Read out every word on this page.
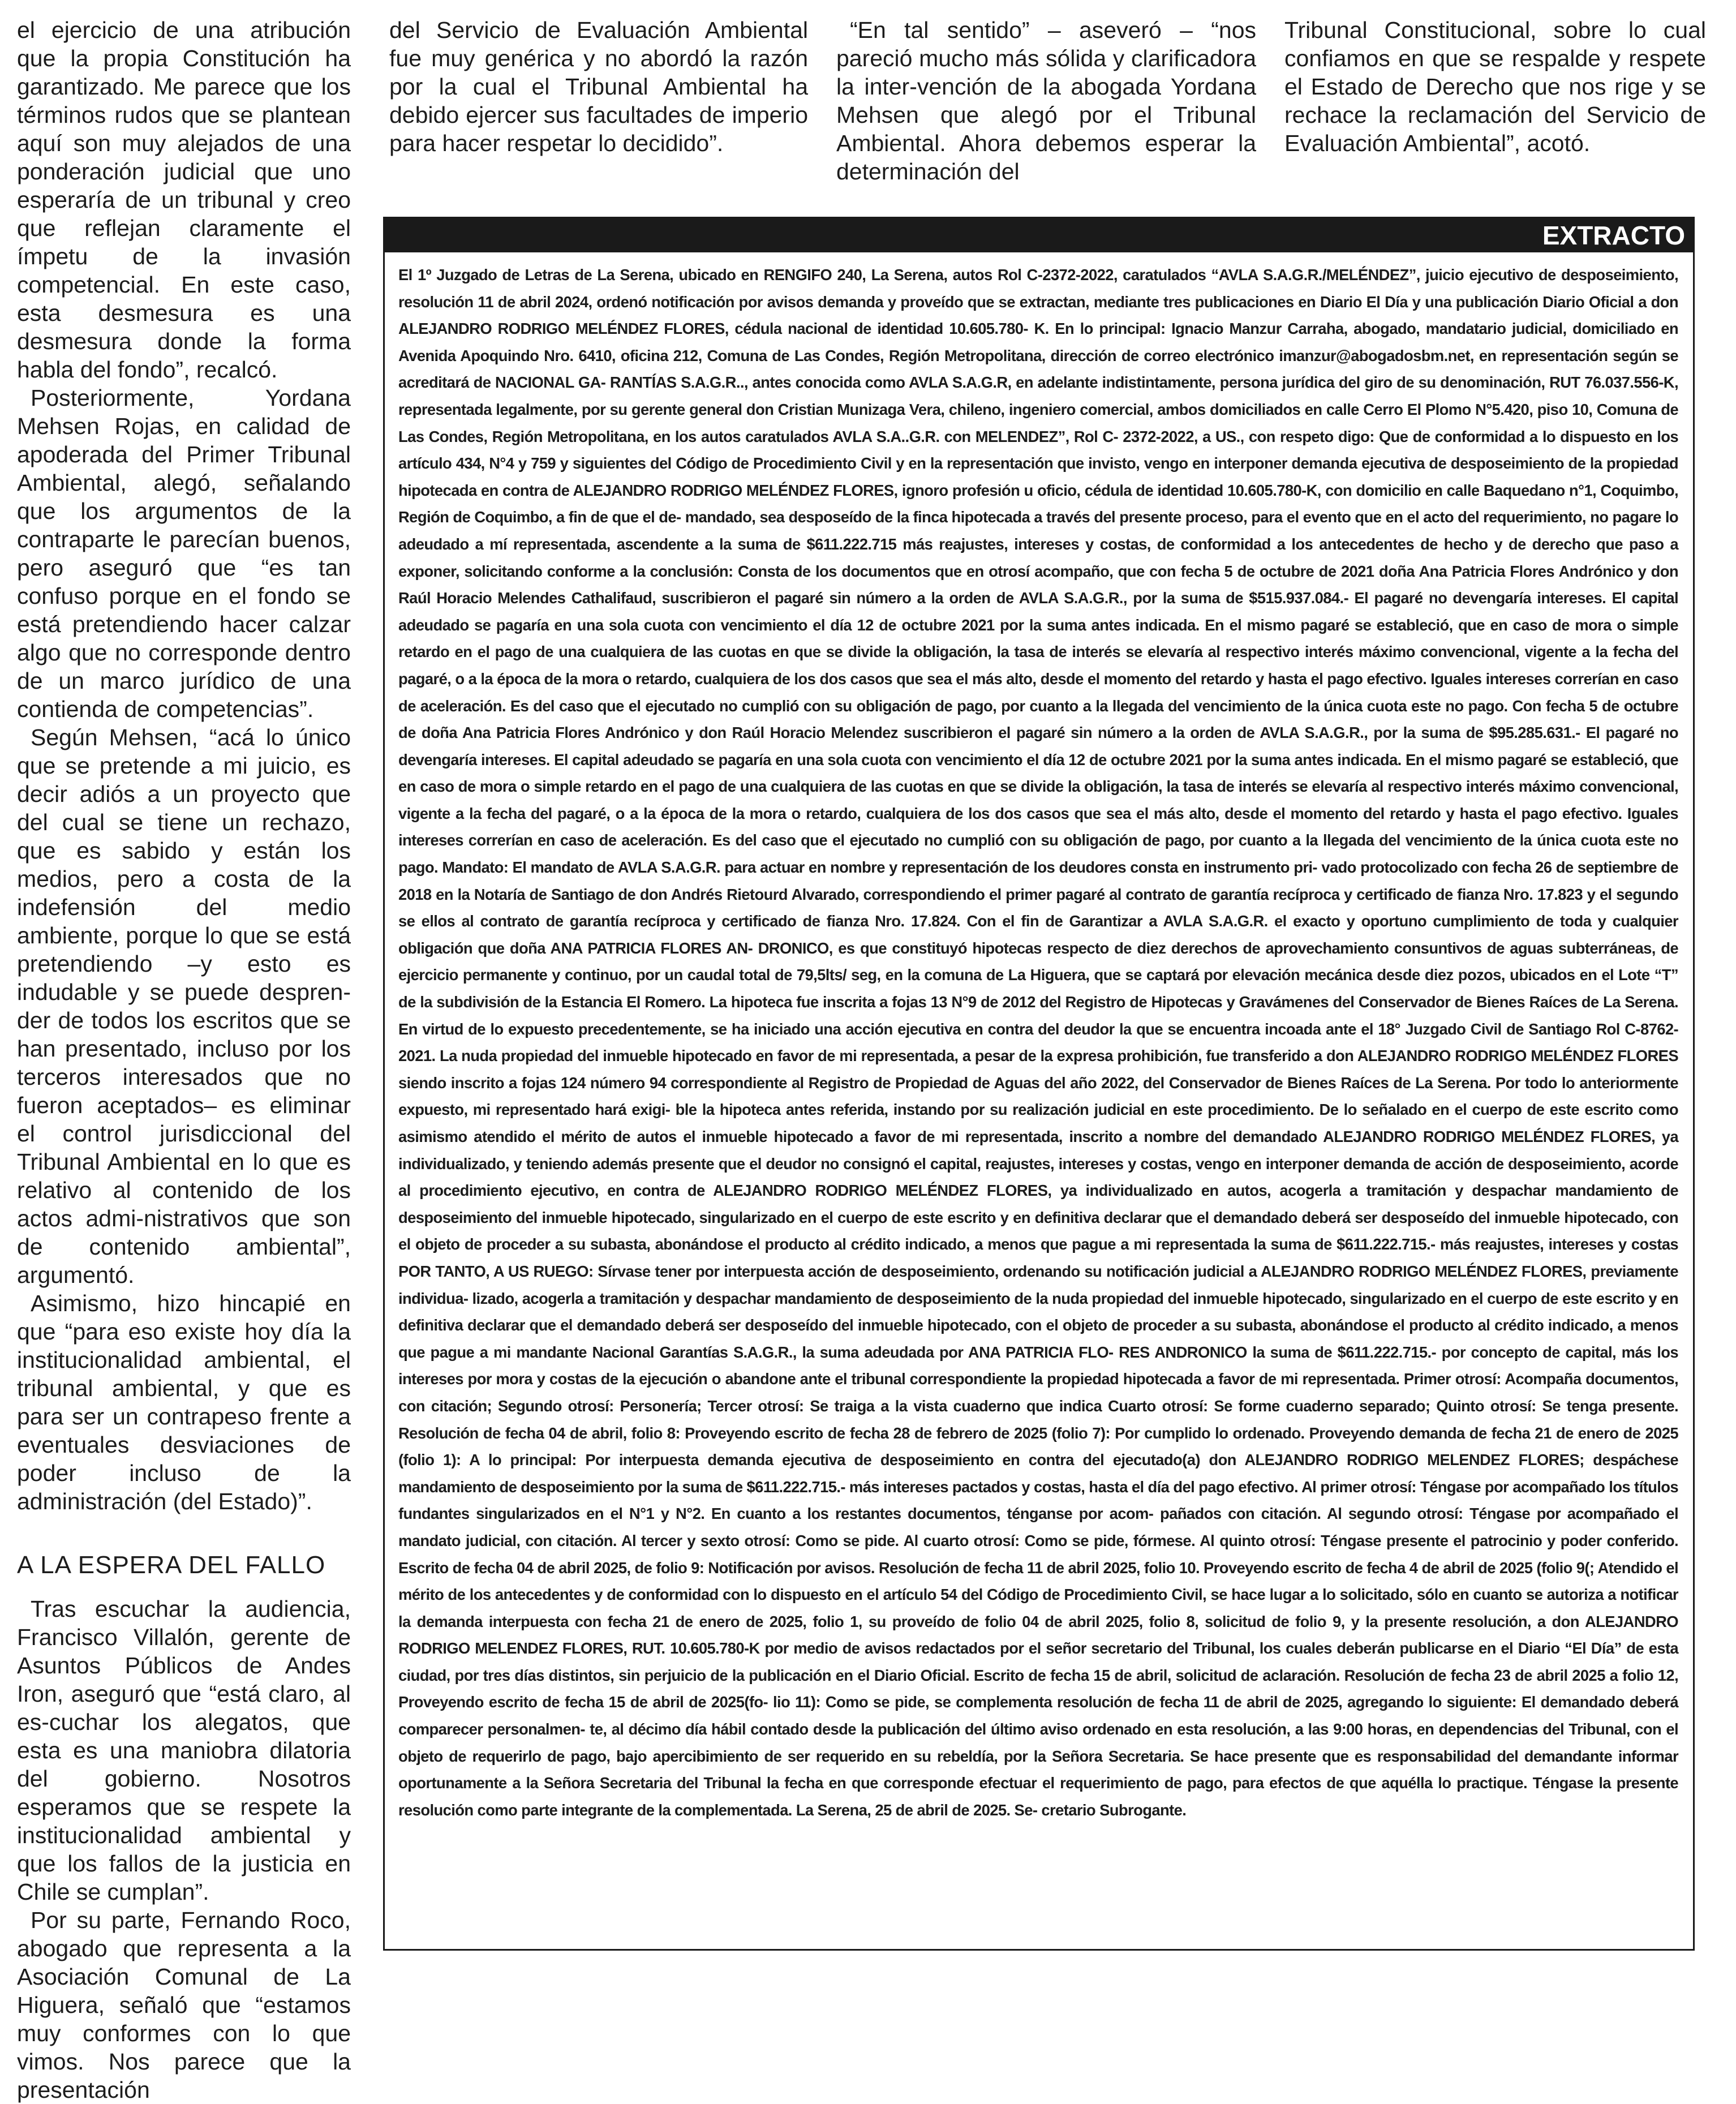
el ejercicio de una atribución que la propia Constitución ha garantizado. Me parece que los términos rudos que se plantean aquí son muy alejados de una ponderación judicial que uno esperaría de un tribunal y creo que reflejan claramente el ímpetu de la invasión competencial. En este caso, esta desmesura es una desmesura donde la forma habla del fondo”, recalcó.

Posteriormente, Yordana Mehsen Rojas, en calidad de apoderada del Primer Tribunal Ambiental, alegó, señalando que los argumentos de la contraparte le parecían buenos, pero aseguró que “es tan confuso porque en el fondo se está pretendiendo hacer calzar algo que no corresponde dentro de un marco jurídico de una contienda de competencias”.

Según Mehsen, “acá lo único que se pretende a mi juicio, es decir adiós a un proyecto que del cual se tiene un rechazo, que es sabido y están los medios, pero a costa de la indefensión del medio ambiente, porque lo que se está pretendiendo –y esto es indudable y se puede despren-der de todos los escritos que se han presentado, incluso por los terceros interesados que no fueron aceptados– es eliminar el control jurisdiccional del Tribunal Ambiental en lo que es relativo al contenido de los actos admi-nistrativos que son de contenido ambiental”, argumentó.

Asimismo, hizo hincapié en que “para eso existe hoy día la institucionalidad ambiental, el tribunal ambiental, y que es para ser un contrapeso frente a eventuales desviaciones de poder incluso de la administración (del Estado)”.

A LA ESPERA DEL FALLO

Tras escuchar la audiencia, Francisco Villalón, gerente de Asuntos Públicos de Andes Iron, aseguró que “está claro, al es-cuchar los alegatos, que esta es una maniobra dilatoria del gobierno. Nosotros esperamos que se respete la institucionalidad ambiental y que los fallos de la justicia en Chile se cumplan”.

Por su parte, Fernando Roco, abogado que representa a la Asociación Comunal de La Higuera, señaló que “estamos muy conformes con lo que vimos. Nos parece que la presentación

del Servicio de Evaluación Ambiental fue muy genérica y no abordó la razón por la cual el Tribunal Ambiental ha debido ejercer sus facultades de imperio para hacer respetar lo decidido”.

“En tal sentido” – aseveró – “nos pareció mucho más sólida y clarificadora la inter-vención de la abogada Yordana Mehsen que alegó por el Tribunal Ambiental. Ahora debemos esperar la determinación del

Tribunal Constitucional, sobre lo cual confiamos en que se respalde y respete el Estado de Derecho que nos rige y se rechace la reclamación del Servicio de Evaluación Ambiental”, acotó.

EXTRACTO
El 1º Juzgado de Letras de La Serena, ubicado en RENGIFO 240, La Serena, autos Rol C-2372-2022, caratulados “AVLA S.A.G.R./MELÉNDEZ”, juicio ejecutivo de desposeimiento, resolución 11 de abril 2024, ordenó notificación por avisos demanda y proveído que se extractan, mediante tres publicaciones en Diario El Día y una publicación Diario Oficial a don ALEJANDRO RODRIGO MELÉNDEZ FLORES, cédula nacional de identidad 10.605.780- K. En lo principal: Ignacio Manzur Carraha, abogado, mandatario judicial, domiciliado en Avenida Apoquindo Nro. 6410, oficina 212, Comuna de Las Condes, Región Metropolitana, dirección de correo electrónico imanzur@abogadosbm.net, en representación según se acreditará de NACIONAL GA- RANTÍAS S.A.G.R.., antes conocida como AVLA S.A.G.R, en adelante indistintamente, persona jurídica del giro de su denominación, RUT 76.037.556-K, representada legalmente, por su gerente general don Cristian Munizaga Vera, chileno, ingeniero comercial, ambos domiciliados en calle Cerro El Plomo N°5.420, piso 10, Comuna de Las Condes, Región Metropolitana, en los autos caratulados AVLA S.A..G.R. con MELENDEZ”, Rol C- 2372-2022, a US., con respeto digo: Que de conformidad a lo dispuesto en los artículo 434, N°4 y 759 y siguientes del Código de Procedimiento Civil y en la representación que invisto, vengo en interponer demanda ejecutiva de desposeimiento de la propiedad hipotecada en contra de ALEJANDRO RODRIGO MELÉNDEZ FLORES, ignoro profesión u oficio, cédula de identidad 10.605.780-K, con domicilio en calle Baquedano n°1, Coquimbo, Región de Coquimbo, a fin de que el de- mandado, sea desposeído de la finca hipotecada a través del presente proceso, para el evento que en el acto del requerimiento, no pagare lo adeudado a mí representada, ascendente a la suma de $611.222.715 más reajustes, intereses y costas, de conformidad a los antecedentes de hecho y de derecho que paso a exponer, solicitando conforme a la conclusión: Consta de los documentos que en otrosí acompaño, que con fecha 5 de octubre de 2021 doña Ana Patricia Flores Andrónico y don Raúl Horacio Melendes Cathalifaud, suscribieron el pagaré sin número a la orden de AVLA S.A.G.R., por la suma de $515.937.084.- El pagaré no devengaría intereses. El capital adeudado se pagaría en una sola cuota con vencimiento el día 12 de octubre 2021 por la suma antes indicada. En el mismo pagaré se estableció, que en caso de mora o simple retardo en el pago de una cualquiera de las cuotas en que se divide la obligación, la tasa de interés se elevaría al respectivo interés máximo convencional, vigente a la fecha del pagaré, o a la época de la mora o retardo, cualquiera de los dos casos que sea el más alto, desde el momento del retardo y hasta el pago efectivo. Iguales intereses correrían en caso de aceleración. Es del caso que el ejecutado no cumplió con su obligación de pago, por cuanto a la llegada del vencimiento de la única cuota este no pago. Con fecha 5 de octubre de doña Ana Patricia Flores Andrónico y don Raúl Horacio Melendez suscribieron el pagaré sin número a la orden de AVLA S.A.G.R., por la suma de $95.285.631.- El pagaré no devengaría intereses. El capital adeudado se pagaría en una sola cuota con vencimiento el día 12 de octubre 2021 por la suma antes indicada. En el mismo pagaré se estableció, que en caso de mora o simple retardo en el pago de una cualquiera de las cuotas en que se divide la obligación, la tasa de interés se elevaría al respectivo interés máximo convencional, vigente a la fecha del pagaré, o a la época de la mora o retardo, cualquiera de los dos casos que sea el más alto, desde el momento del retardo y hasta el pago efectivo. Iguales intereses correrían en caso de aceleración. Es del caso que el ejecutado no cumplió con su obligación de pago, por cuanto a la llegada del vencimiento de la única cuota este no pago. Mandato: El mandato de AVLA S.A.G.R. para actuar en nombre y representación de los deudores consta en instrumento pri- vado protocolizado con fecha 26 de septiembre de 2018 en la Notaría de Santiago de don Andrés Rietourd Alvarado, correspondiendo el primer pagaré al contrato de garantía recíproca y certificado de fianza Nro. 17.823 y el segundo se ellos al contrato de garantía recíproca y certificado de fianza Nro. 17.824. Con el fin de Garantizar a AVLA S.A.G.R. el exacto y oportuno cumplimiento de toda y cualquier obligación que doña ANA PATRICIA FLORES AN- DRONICO, es que constituyó hipotecas respecto de diez derechos de aprovechamiento consuntivos de aguas subterráneas, de ejercicio permanente y continuo, por un caudal total de 79,5lts/ seg, en la comuna de La Higuera, que se captará por elevación mecánica desde diez pozos, ubicados en el Lote “T” de la subdivisión de la Estancia El Romero. La hipoteca fue inscrita a fojas 13 N°9 de 2012 del Registro de Hipotecas y Gravámenes del Conservador de Bienes Raíces de La Serena. En virtud de lo expuesto precedentemente, se ha iniciado una acción ejecutiva en contra del deudor la que se encuentra incoada ante el 18° Juzgado Civil de Santiago Rol C-8762-2021. La nuda propiedad del inmueble hipotecado en favor de mi representada, a pesar de la expresa prohibición, fue transferido a don ALEJANDRO RODRIGO MELÉNDEZ FLORES siendo inscrito a fojas 124 número 94 correspondiente al Registro de Propiedad de Aguas del año 2022, del Conservador de Bienes Raíces de La Serena. Por todo lo anteriormente expuesto, mi representado hará exigi- ble la hipoteca antes referida, instando por su realización judicial en este procedimiento. De lo señalado en el cuerpo de este escrito como asimismo atendido el mérito de autos el inmueble hipotecado a favor de mi representada, inscrito a nombre del demandado ALEJANDRO RODRIGO MELÉNDEZ FLORES, ya individualizado, y teniendo además presente que el deudor no consignó el capital, reajustes, intereses y costas, vengo en interponer demanda de acción de desposeimiento, acorde al procedimiento ejecutivo, en contra de ALEJANDRO RODRIGO MELÉNDEZ FLORES, ya individualizado en autos, acogerla a tramitación y despachar mandamiento de desposeimiento del inmueble hipotecado, singularizado en el cuerpo de este escrito y en definitiva declarar que el demandado deberá ser desposeído del inmueble hipotecado, con el objeto de proceder a su subasta, abonándose el producto al crédito indicado, a menos que pague a mi representada la suma de $611.222.715.- más reajustes, intereses y costas POR TANTO, A US RUEGO: Sírvase tener por interpuesta acción de desposeimiento, ordenando su notificación judicial a ALEJANDRO RODRIGO MELÉNDEZ FLORES, previamente individua- lizado, acogerla a tramitación y despachar mandamiento de desposeimiento de la nuda propiedad del inmueble hipotecado, singularizado en el cuerpo de este escrito y en definitiva declarar que el demandado deberá ser desposeído del inmueble hipotecado, con el objeto de proceder a su subasta, abonándose el producto al crédito indicado, a menos que pague a mi mandante Nacional Garantías S.A.G.R., la suma adeudada por ANA PATRICIA FLO- RES ANDRONICO la suma de $611.222.715.- por concepto de capital, más los intereses por mora y costas de la ejecución o abandone ante el tribunal correspondiente la propiedad hipotecada a favor de mi representada. Primer otrosí: Acompaña documentos, con citación; Segundo otrosí: Personería; Tercer otrosí: Se traiga a la vista cuaderno que indica Cuarto otrosí: Se forme cuaderno separado; Quinto otrosí: Se tenga presente. Resolución de fecha 04 de abril, folio 8: Proveyendo escrito de fecha 28 de febrero de 2025 (folio 7): Por cumplido lo ordenado. Proveyendo demanda de fecha 21 de enero de 2025 (folio 1): A lo principal: Por interpuesta demanda ejecutiva de desposeimiento en contra del ejecutado(a) don ALEJANDRO RODRIGO MELENDEZ FLORES; despáchese mandamiento de desposeimiento por la suma de $611.222.715.- más intereses pactados y costas, hasta el día del pago efectivo. Al primer otrosí: Téngase por acompañado los títulos fundantes singularizados en el N°1 y N°2. En cuanto a los restantes documentos, ténganse por acom- pañados con citación. Al segundo otrosí: Téngase por acompañado el mandato judicial, con citación. Al tercer y sexto otrosí: Como se pide. Al cuarto otrosí: Como se pide, fórmese. Al quinto otrosí: Téngase presente el patrocinio y poder conferido. Escrito de fecha 04 de abril 2025, de folio 9: Notificación por avisos. Resolución de fecha 11 de abril 2025, folio 10. Proveyendo escrito de fecha 4 de abril de 2025 (folio 9(; Atendido el mérito de los antecedentes y de conformidad con lo dispuesto en el artículo 54 del Código de Procedimiento Civil, se hace lugar a lo solicitado, sólo en cuanto se autoriza a notificar la demanda interpuesta con fecha 21 de enero de 2025, folio 1, su proveído de folio 04 de abril 2025, folio 8, solicitud de folio 9, y la presente resolución, a don ALEJANDRO RODRIGO MELENDEZ FLORES, RUT. 10.605.780-K por medio de avisos redactados por el señor secretario del Tribunal, los cuales deberán publicarse en el Diario “El Día” de esta ciudad, por tres días distintos, sin perjuicio de la publicación en el Diario Oficial. Escrito de fecha 15 de abril, solicitud de aclaración. Resolución de fecha 23 de abril 2025 a folio 12, Proveyendo escrito de fecha 15 de abril de 2025(fo- lio 11): Como se pide, se complementa resolución de fecha 11 de abril de 2025, agregando lo siguiente: El demandado deberá comparecer personalmen- te, al décimo día hábil contado desde la publicación del último aviso ordenado en esta resolución, a las 9:00 horas, en dependencias del Tribunal, con el objeto de requerirlo de pago, bajo apercibimiento de ser requerido en su rebeldía, por la Señora Secretaria. Se hace presente que es responsabilidad del demandante informar oportunamente a la Señora Secretaria del Tribunal la fecha en que corresponde efectuar el requerimiento de pago, para efectos de que aquélla lo practique. Téngase la presente resolución como parte integrante de la complementada. La Serena, 25 de abril de 2025. Se- cretario Subrogante.
